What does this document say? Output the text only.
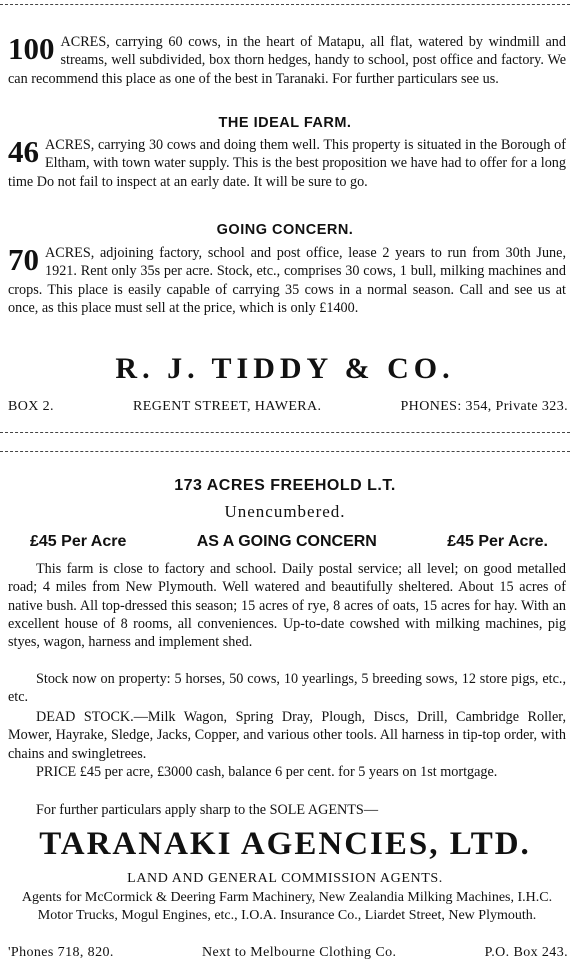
100 ACRES, carrying 60 cows, in the heart of Matapu, all flat, watered by windmill and streams, well subdivided, box thorn hedges, handy to school, post office and factory. We can recommend this place as one of the best in Taranaki. For further particulars see us.

THE IDEAL FARM.

46 ACRES, carrying 30 cows and doing them well. This property is situated in the Borough of Eltham, with town water supply. This is the best proposition we have had to offer for a long time Do not fail to inspect at an early date. It will be sure to go.

GOING CONCERN.

70 ACRES, adjoining factory, school and post office, lease 2 years to run from 30th June, 1921. Rent only 35s per acre. Stock, etc., comprises 30 cows, 1 bull, milking machines and crops. This place is easily capable of carrying 35 cows in a normal season. Call and see us at once, as this place must sell at the price, which is only £1400.

R. J. TIDDY & CO.
BOX 2.	REGENT STREET, HAWERA.	PHONES: 354, Private 323.
173 ACRES FREEHOLD L.T.
Unencumbered.
£45 Per Acre	AS A GOING CONCERN	£45 Per Acre.

This farm is close to factory and school. Daily postal service; all level; on good metalled road; 4 miles from New Plymouth. Well watered and beautifully sheltered. About 15 acres of native bush. All top-dressed this season; 15 acres of rye, 8 acres of oats, 15 acres for hay. With an excellent house of 8 rooms, all conveniences. Up-to-date cowshed with milking machines, pig styes, wagon, harness and implement shed.

Stock now on property: 5 horses, 50 cows, 10 yearlings, 5 breeding sows, 12 store pigs, etc., etc.

DEAD STOCK.—Milk Wagon, Spring Dray, Plough, Discs, Drill, Cambridge Roller, Mower, Hayrake, Sledge, Jacks, Copper, and various other tools. All harness in tip-top order, with chains and swingletrees.

PRICE £45 per acre, £3000 cash, balance 6 per cent. for 5 years on 1st mortgage.

For further particulars apply sharp to the SOLE AGENTS—

TARANAKI AGENCIES, LTD.
LAND AND GENERAL COMMISSION AGENTS.

Agents for McCormick & Deering Farm Machinery, New Zealandia Milking Machines, I.H.C. Motor Trucks, Mogul Engines, etc., I.O.A. Insurance Co., Liardet Street, New Plymouth.

'Phones 718, 820.	Next to Melbourne Clothing Co.	P.O. Box 243.
